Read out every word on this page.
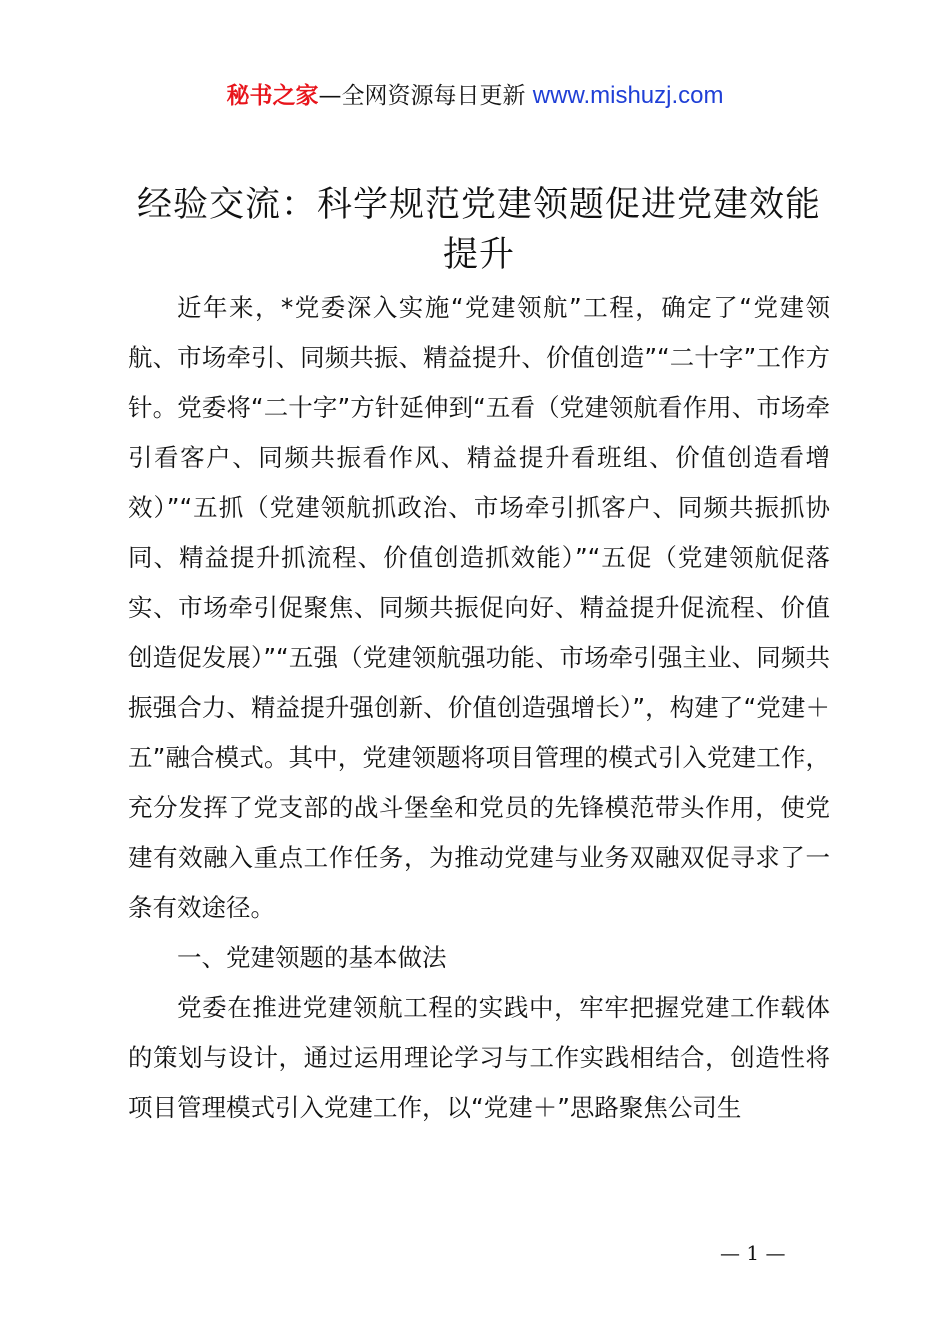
秘书之家—全网资源每日更新 www.mishuzj.com
经验交流：科学规范党建领题促进党建效能提升

近年来，*党委深入实施“党建领航”工程，确定了“党建领航、市场牵引、同频共振、精益提升、价值创造”“二十字”工作方针。党委将“二十字”方针延伸到“五看（党建领航看作用、市场牵引看客户、同频共振看作风、精益提升看班组、价值创造看增效）”“五抓（党建领航抓政治、市场牵引抓客户、同频共振抓协同、精益提升抓流程、价值创造抓效能）”“五促（党建领航促落实、市场牵引促聚焦、同频共振促向好、精益提升促流程、价值创造促发展）”“五强（党建领航强功能、市场牵引强主业、同频共振强合力、精益提升强创新、价值创造强增长）”，构建了“党建＋五”融合模式。其中，党建领题将项目管理的模式引入党建工作，充分发挥了党支部的战斗堡垒和党员的先锋模范带头作用，使党建有效融入重点工作任务，为推动党建与业务双融双促寻求了一条有效途径。

一、党建领题的基本做法

党委在推进党建领航工程的实践中，牢牢把握党建工作载体的策划与设计，通过运用理论学习与工作实践相结合，创造性将项目管理模式引入党建工作，以“党建＋”思路聚焦公司生

— 1 —
